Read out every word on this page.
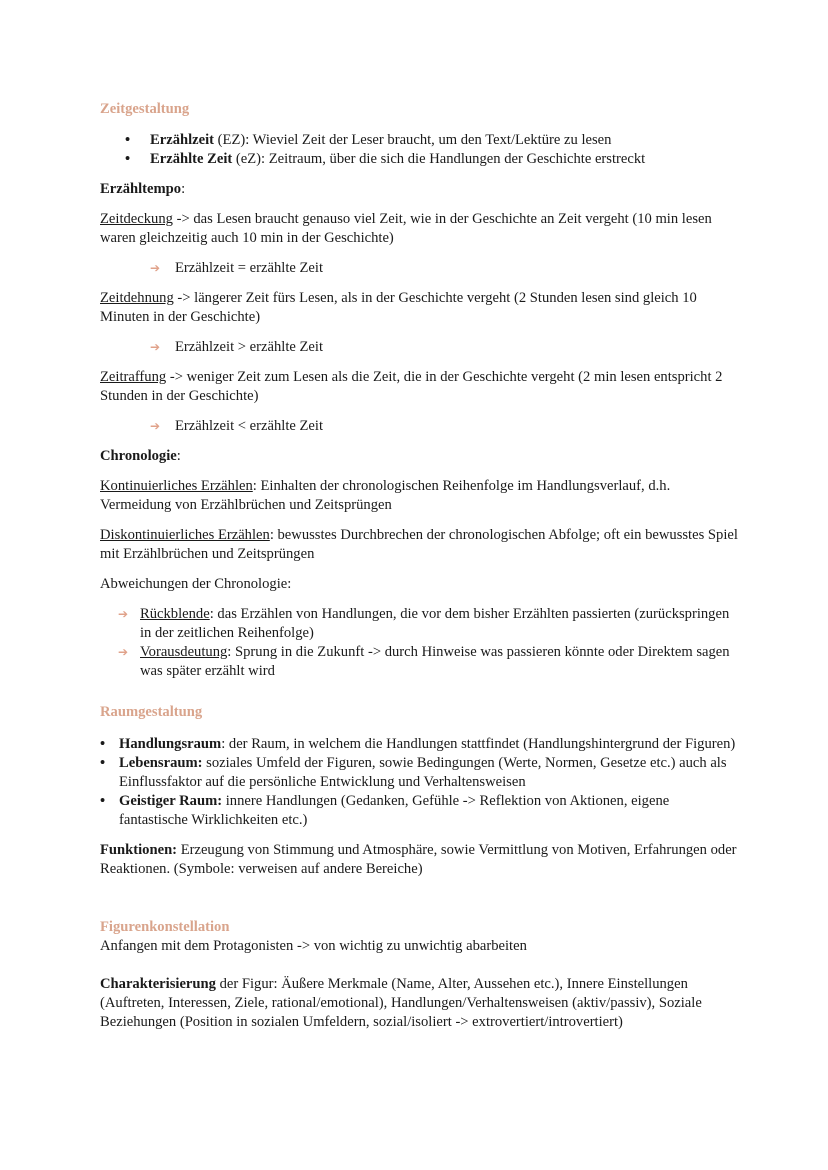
Zeitgestaltung

• Erzählzeit (EZ): Wieviel Zeit der Leser braucht, um den Text/Lektüre zu lesen
• Erzählte Zeit (eZ): Zeitraum, über die sich die Handlungen der Geschichte erstreckt

Erzähltempo:

Zeitdeckung -> das Lesen braucht genauso viel Zeit, wie in der Geschichte an Zeit vergeht (10 min lesen waren gleichzeitig auch 10 min in der Geschichte)

➔ Erzählzeit = erzählte Zeit

Zeitdehnung -> längerer Zeit fürs Lesen, als in der Geschichte vergeht (2 Stunden lesen sind gleich 10 Minuten in der Geschichte)

➔ Erzählzeit > erzählte Zeit

Zeitraffung -> weniger Zeit zum Lesen als die Zeit, die in der Geschichte vergeht (2 min lesen entspricht 2 Stunden in der Geschichte)

➔ Erzählzeit < erzählte Zeit

Chronologie:

Kontinuierliches Erzählen: Einhalten der chronologischen Reihenfolge im Handlungsverlauf, d.h. Vermeidung von Erzählbrüchen und Zeitsprüngen

Diskontinuierliches Erzählen: bewusstes Durchbrechen der chronologischen Abfolge; oft ein bewusstes Spiel mit Erzählbrüchen und Zeitsprüngen

Abweichungen der Chronologie:

➔ Rückblende: das Erzählen von Handlungen, die vor dem bisher Erzählten passierten (zurückspringen in der zeitlichen Reihenfolge)

➔ Vorausdeutung: Sprung in die Zukunft -> durch Hinweise was passieren könnte oder Direktem sagen was später erzählt wird

Raumgestaltung

• Handlungsraum: der Raum, in welchem die Handlungen stattfindet (Handlungshintergrund der Figuren)
• Lebensraum: soziales Umfeld der Figuren, sowie Bedingungen (Werte, Normen, Gesetze etc.) auch als Einflussfaktor auf die persönliche Entwicklung und Verhaltensweisen
• Geistiger Raum: innere Handlungen (Gedanken, Gefühle -> Reflektion von Aktionen, eigene fantastische Wirklichkeiten etc.)

Funktionen: Erzeugung von Stimmung und Atmosphäre, sowie Vermittlung von Motiven, Erfahrungen oder Reaktionen. (Symbole: verweisen auf andere Bereiche)

Figurenkonstellation

Anfangen mit dem Protagonisten -> von wichtig zu unwichtig abarbeiten

Charakterisierung der Figur: Äußere Merkmale (Name, Alter, Aussehen etc.), Innere Einstellungen (Auftreten, Interessen, Ziele, rational/emotional), Handlungen/Verhaltensweisen (aktiv/passiv), Soziale Beziehungen (Position in sozialen Umfeldern, sozial/isoliert -> extrovertiert/introvertiert)
